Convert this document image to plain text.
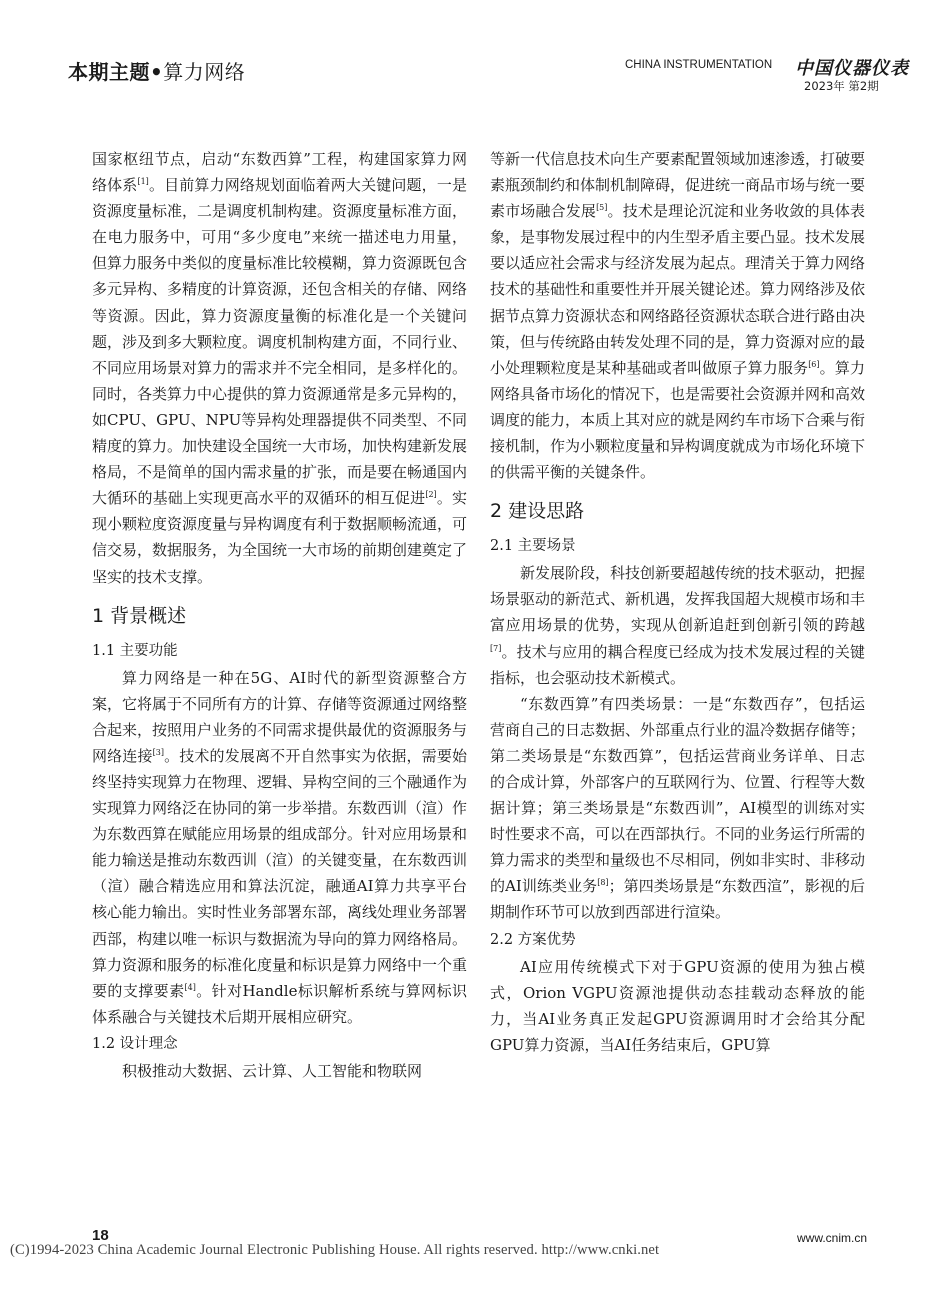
本期主题•算力网络	CHINA INSTRUMENTATION 中国仪器仪表
2023年 第2期

国家枢纽节点，启动“东数西算”工程，构建国家算力网络体系[1]。目前算力网络规划面临着两大关键问题，一是资源度量标准，二是调度机制构建。资源度量标准方面，在电力服务中，可用“多少度电”来统一描述电力用量，但算力服务中类似的度量标准比较模糊，算力资源既包含多元异构、多精度的计算资源，还包含相关的存储、网络等资源。因此，算力资源度量衡的标准化是一个关键问题，涉及到多大颗粒度。调度机制构建方面，不同行业、不同应用场景对算力的需求并不完全相同，是多样化的。同时，各类算力中心提供的算力资源通常是多元异构的，如CPU、GPU、NPU等异构处理器提供不同类型、不同精度的算力。加快建设全国统一大市场，加快构建新发展格局，不是简单的国内需求量的扩张，而是要在畅通国内大循环的基础上实现更高水平的双循环的相互促进[2]。实现小颗粒度资源度量与异构调度有利于数据顺畅流通，可信交易，数据服务，为全国统一大市场的前期创建奠定了坚实的技术支撑。

1 背景概述
1.1 主要功能

算力网络是一种在5G、AI时代的新型资源整合方案，它将属于不同所有方的计算、存储等资源通过网络整合起来，按照用户业务的不同需求提供最优的资源服务与网络连接[3]。技术的发展离不开自然事实为依据，需要始终坚持实现算力在物理、逻辑、异构空间的三个融通作为实现算力网络泛在协同的第一步举措。东数西训（渲）作为东数西算在赋能应用场景的组成部分。针对应用场景和能力输送是推动东数西训（渲）的关键变量，在东数西训（渲）融合精选应用和算法沉淀，融通AI算力共享平台核心能力输出。实时性业务部署东部，离线处理业务部署西部，构建以唯一标识与数据流为导向的算力网络格局。算力资源和服务的标准化度量和标识是算力网络中一个重要的支撑要素[4]。针对Handle标识解析系统与算网标识体系融合与关键技术后期开展相应研究。

1.2 设计理念

积极推动大数据、云计算、人工智能和物联网

等新一代信息技术向生产要素配置领域加速渗透，打破要素瓶颈制约和体制机制障碍，促进统一商品市场与统一要素市场融合发展[5]。技术是理论沉淀和业务收敛的具体表象，是事物发展过程中的内生型矛盾主要凸显。技术发展要以适应社会需求与经济发展为起点。理清关于算力网络技术的基础性和重要性并开展关键论述。算力网络涉及依据节点算力资源状态和网络路径资源状态联合进行路由决策，但与传统路由转发处理不同的是，算力资源对应的最小处理颗粒度是某种基础或者叫做原子算力服务[6]。算力网络具备市场化的情况下，也是需要社会资源并网和高效调度的能力，本质上其对应的就是网约车市场下合乘与衔接机制，作为小颗粒度量和异构调度就成为市场化环境下的供需平衡的关键条件。

2 建设思路
2.1 主要场景

新发展阶段，科技创新要超越传统的技术驱动，把握场景驱动的新范式、新机遇，发挥我国超大规模市场和丰富应用场景的优势，实现从创新追赶到创新引领的跨越[7]。技术与应用的耦合程度已经成为技术发展过程的关键指标，也会驱动技术新模式。

“东数西算”有四类场景：一是“东数西存”，包括运营商自己的日志数据、外部重点行业的温冷数据存储等；第二类场景是“东数西算”，包括运营商业务详单、日志的合成计算，外部客户的互联网行为、位置、行程等大数据计算；第三类场景是“东数西训”，AI模型的训练对实时性要求不高，可以在西部执行。不同的业务运行所需的算力需求的类型和量级也不尽相同，例如非实时、非移动的AI训练类业务[8]；第四类场景是“东数西渲”，影视的后期制作环节可以放到西部进行渲染。

2.2 方案优势

AI应用传统模式下对于GPU资源的使用为独占模式，Orion VGPU资源池提供动态挂载动态释放的能力，当AI业务真正发起GPU资源调用时才会给其分配GPU算力资源，当AI任务结束后，GPU算

18	www.cnim.cn
(C)1994-2023 China Academic Journal Electronic Publishing House. All rights reserved. http://www.cnki.net
